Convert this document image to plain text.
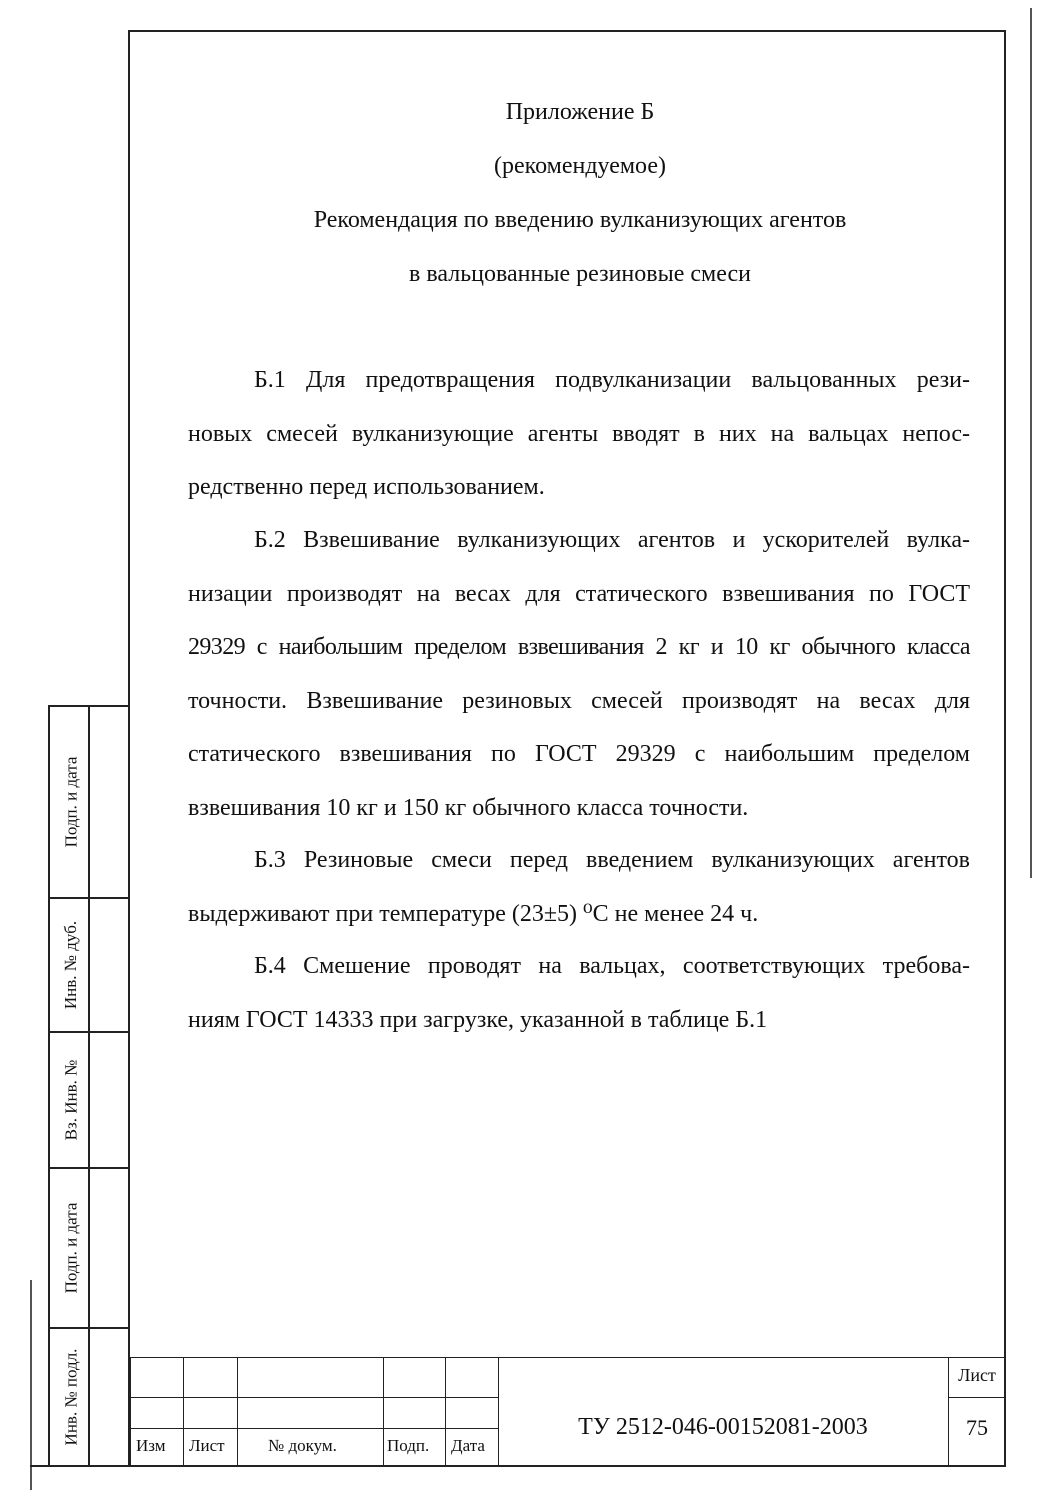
Приложение Б
(рекомендуемое)
Рекомендация по введению вулканизующих агентов
в вальцованные резиновые смеси
Б.1 Для предотвращения подвулканизации вальцованных рези-
новых смесей вулканизующие агенты вводят в них на вальцах непос-
редственно перед использованием.
Б.2 Взвешивание вулканизующих агентов и ускорителей вулка-
низации производят на весах для статического взвешивания по ГОСТ
29329 с наибольшим пределом взвешивания 2 кг и 10 кг обычного класса
точности. Взвешивание резиновых смесей производят на весах для
статического взвешивания по ГОСТ 29329 с наибольшим пределом
взвешивания 10 кг и 150 кг обычного класса точности.
Б.3 Резиновые смеси перед введением вулканизующих агентов
выдерживают при температуре (23±5) ⁰С не менее 24 ч.
Б.4 Смешение проводят на вальцах, соответствующих требова-
ниям ГОСТ 14333 при загрузке, указанной в таблице Б.1
Подп. и дата
Инв. № дуб.
Вз. Инв. №
Подп. и дата
Инв. № подл.
Изм Лист	№ докум.	Подп. Дата
ТУ 2512-046-00152081-2003
Лист
75
